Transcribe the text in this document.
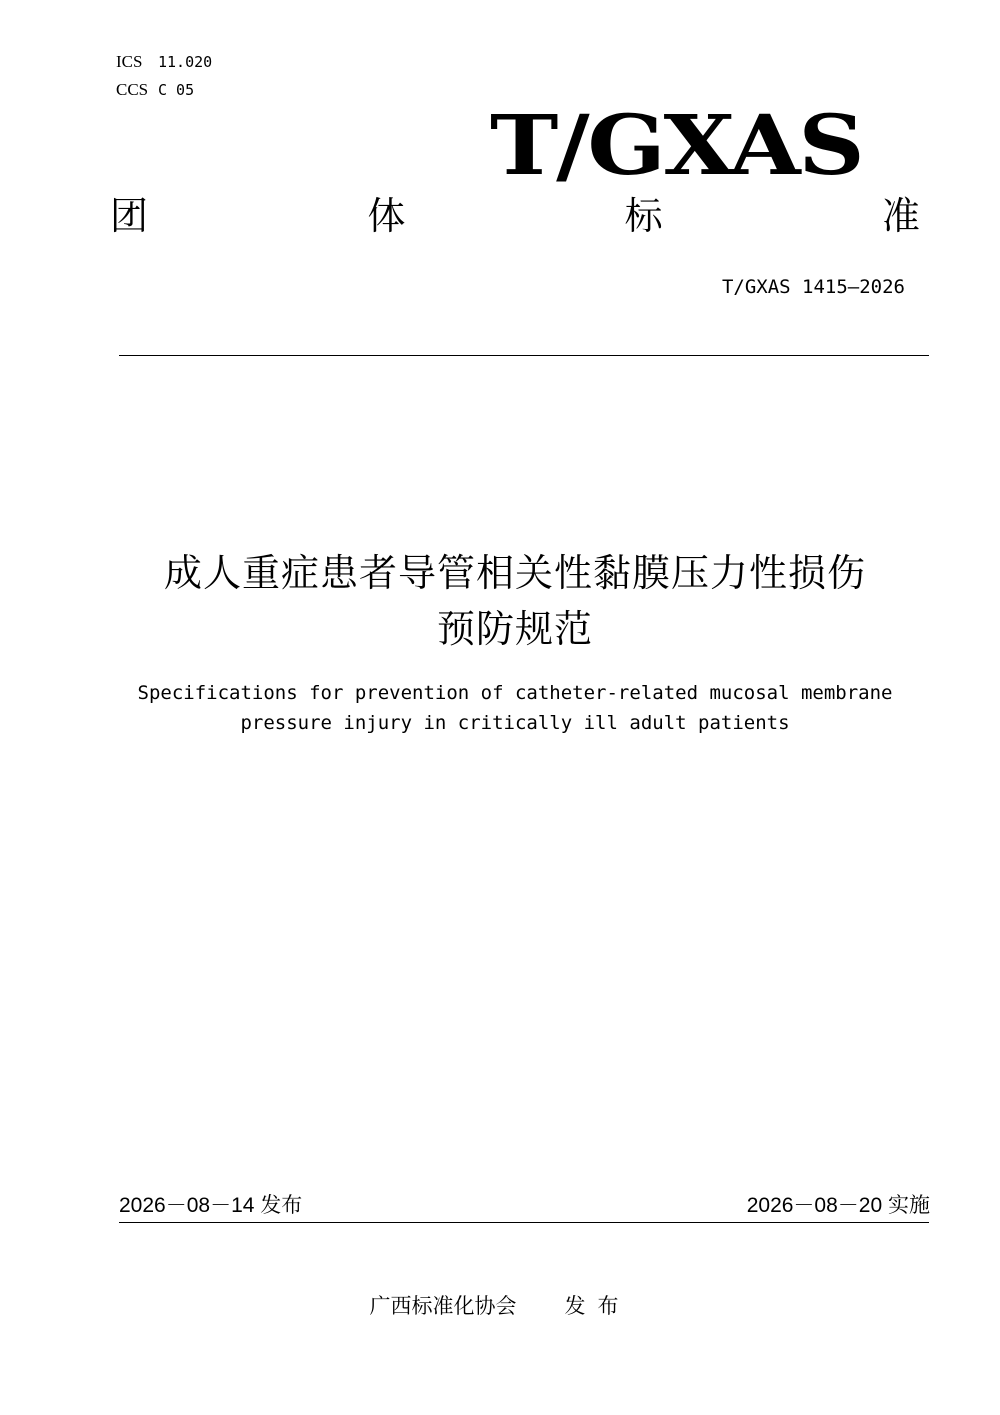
ICS 11.020
CCS C 05
T/GXAS
团	体	标	准
T/GXAS 1415—2026
成人重症患者导管相关性黏膜压力性损伤
预防规范
Specifications for prevention of catheter-related mucosal membrane
pressure injury in critically ill adult patients
2026－08－14 发布	2026－08－20 实施
广西标准化协会 发布
